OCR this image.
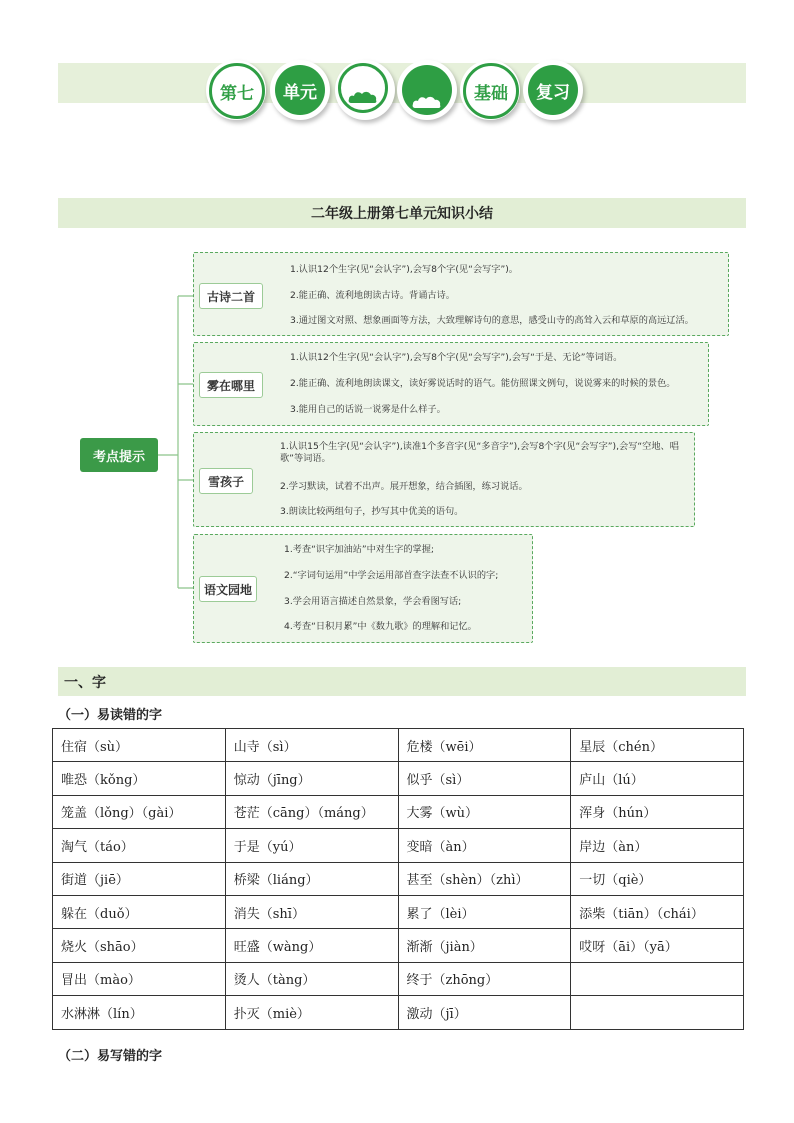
第七 单元	基础 复习
二年级上册第七单元知识小结
考点提示
古诗二首
1.认识12个生字(见“会认字”),会写8个字(见“会写字”)。
2.能正确、流利地朗读古诗。背诵古诗。
3.通过图文对照、想象画面等方法，大致理解诗句的意思，感受山寺的高耸入云和草原的高远辽活。
雾在哪里
1.认识12个生字(见“会认字”),会写8个字(见“会写字”),会写“于是、无论”等词语。
2.能正确、流利地朗读课文，读好雾说话时的语气。能仿照课文例句，说说雾来的时候的景色。
3.能用自己的话说一说雾是什么样子。
雪孩子
1.认识15个生字(见“会认字”),读准1个多音字(见“多音字”),会写8个字(见“会写字”),会写“空地、唱歌”等词语。
2.学习默读，试着不出声。展开想象，结合插图，练习说话。
3.朗读比较两组句子，抄写其中优美的语句。
语文园地
1.考查“识字加油站”中对生字的掌握;
2.“字词句运用”中学会运用部首查字法查不认识的字;
3.学会用语言描述自然景象，学会看图写话;
4.考查“日积月累”中《数九歌》的理解和记忆。
一、字
（一）易读错的字
住宿（sù）	山寺（sì）	危楼（wēi）	星辰（chén）
唯恐（kǒng）	惊动（jīng）	似乎（sì）	庐山（lú）
笼盖（lǒng）（gài）	苍茫（cāng）（máng）	大雾（wù）	浑身（hún）
淘气（táo）	于是（yú）	变暗（àn）	岸边（àn）
街道（jiē）	桥梁（liáng）	甚至（shèn）（zhì）	一切（qiè）
躲在（duǒ）	消失（shī）	累了（lèi）	添柴（tiān）（chái）
烧火（shāo）	旺盛（wàng）	渐渐（jiàn）	哎呀（āi）（yā）
冒出（mào）	烫人（tàng）	终于（zhōng）	
水淋淋（lín）	扑灭（miè）	激动（jī）	
（二）易写错的字
